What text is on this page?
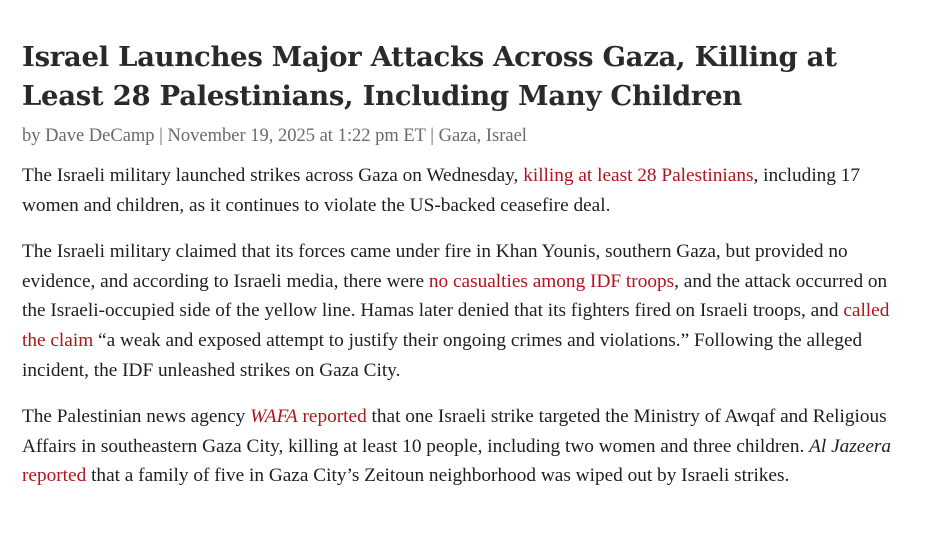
Israel Launches Major Attacks Across Gaza, Killing at Least 28 Palestinians, Including Many Children
by Dave DeCamp | November 19, 2025 at 1:22 pm ET | Gaza, Israel

The Israeli military launched strikes across Gaza on Wednesday, killing at least 28 Palestinians, including 17 women and children, as it continues to violate the US-backed ceasefire deal.

The Israeli military claimed that its forces came under fire in Khan Younis, southern Gaza, but provided no evidence, and according to Israeli media, there were no casualties among IDF troops, and the attack occurred on the Israeli-occupied side of the yellow line. Hamas later denied that its fighters fired on Israeli troops, and called the claim “a weak and exposed attempt to justify their ongoing crimes and violations.” Following the alleged incident, the IDF unleashed strikes on Gaza City.

The Palestinian news agency WAFA reported that one Israeli strike targeted the Ministry of Awqaf and Religious Affairs in southeastern Gaza City, killing at least 10 people, including two women and three children. Al Jazeera reported that a family of five in Gaza City’s Zeitoun neighborhood was wiped out by Israeli strikes.
